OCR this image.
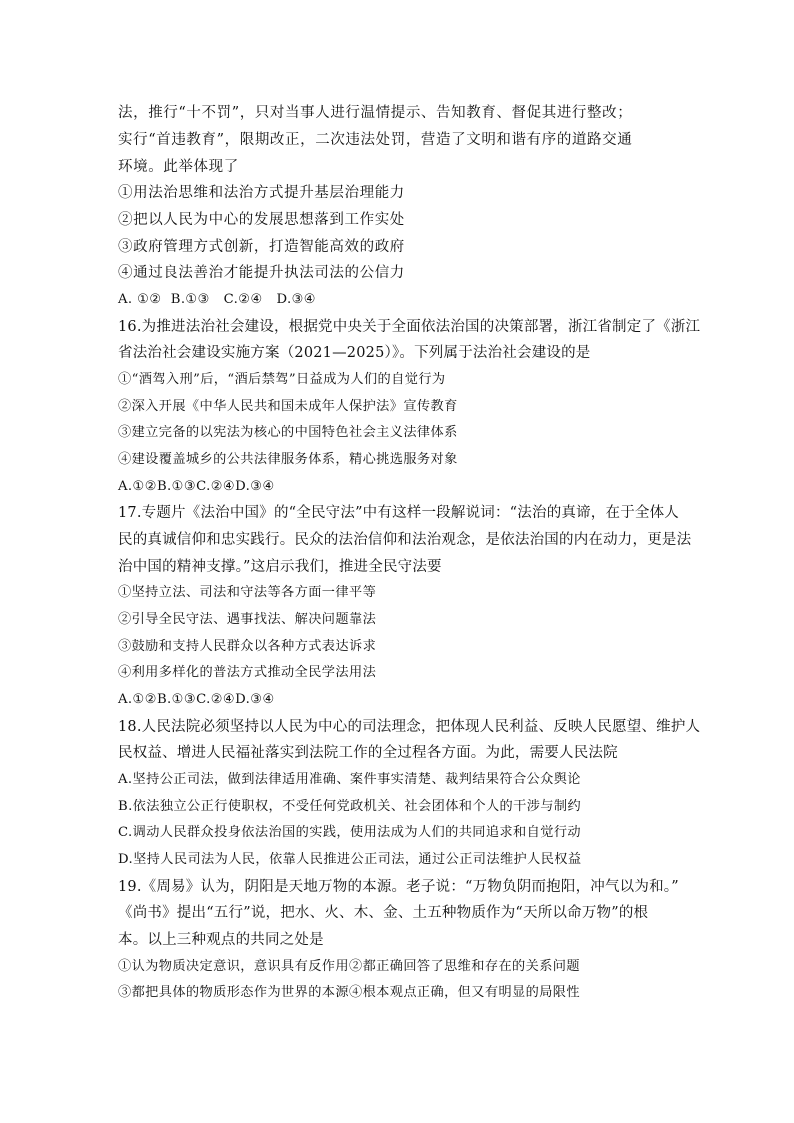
法，推行“十不罚”，只对当事人进行温情提示、告知教育、督促其进行整改；
实行“首违教育”，限期改正，二次违法处罚，营造了文明和谐有序的道路交通
环境。此举体现了
①用法治思维和法治方式提升基层治理能力
②把以人民为中心的发展思想落到工作实处
③政府管理方式创新，打造智能高效的政府
④通过良法善治才能提升执法司法的公信力
A. ①②  B.①③   C.②④   D.③④
16.为推进法治社会建设，根据党中央关于全面依法治国的决策部署，浙江省制定了《浙江
省法治社会建设实施方案（2021—2025）》。下列属于法治社会建设的是
①“酒驾入刑”后，“酒后禁驾”日益成为人们的自觉行为
②深入开展《中华人民共和国未成年人保护法》宣传教育
③建立完备的以宪法为核心的中国特色社会主义法律体系
④建设覆盖城乡的公共法律服务体系，精心挑选服务对象
A.①②B.①③C.②④D.③④
17.专题片《法治中国》的“全民守法”中有这样一段解说词：“法治的真谛，在于全体人
民的真诚信仰和忠实践行。民众的法治信仰和法治观念，是依法治国的内在动力，更是法
治中国的精神支撑。”这启示我们，推进全民守法要
①坚持立法、司法和守法等各方面一律平等
②引导全民守法、遇事找法、解决问题靠法
③鼓励和支持人民群众以各种方式表达诉求
④利用多样化的普法方式推动全民学法用法
A.①②B.①③C.②④D.③④
18.人民法院必须坚持以人民为中心的司法理念，把体现人民利益、反映人民愿望、维护人
民权益、增进人民福祉落实到法院工作的全过程各方面。为此，需要人民法院
A.坚持公正司法，做到法律适用准确、案件事实清楚、裁判结果符合公众舆论
B.依法独立公正行使职权，不受任何党政机关、社会团体和个人的干涉与制约
C.调动人民群众投身依法治国的实践，使用法成为人们的共同追求和自觉行动
D.坚持人民司法为人民，依靠人民推进公正司法，通过公正司法维护人民权益
19.《周易》认为，阴阳是天地万物的本源。老子说：“万物负阴而抱阳，冲气以为和。”
《尚书》提出“五行”说，把水、火、木、金、土五种物质作为“天所以命万物”的根
本。以上三种观点的共同之处是
①认为物质决定意识，意识具有反作用②都正确回答了思维和存在的关系问题
③都把具体的物质形态作为世界的本源④根本观点正确，但又有明显的局限性
